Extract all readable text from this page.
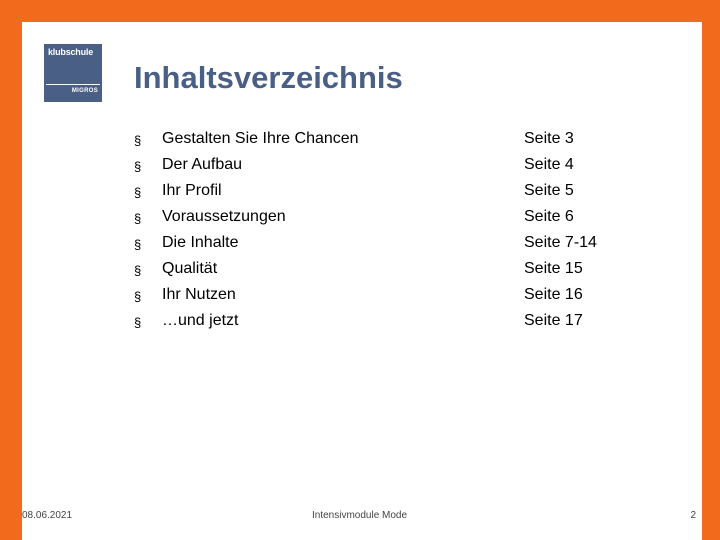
klubschule
MIGROS Inhaltsverzeichnis
§ Gestalten Sie Ihre Chancen	Seite 3
§ Der Aufbau	Seite 4
§ Ihr Profil	Seite 5
§ Voraussetzungen	Seite 6
§ Die Inhalte	Seite 7-14
§ Qualität	Seite 15
§ Ihr Nutzen	Seite 16
§ …und jetzt	Seite 17
08.06.2021	Intensivmodule Mode	2
